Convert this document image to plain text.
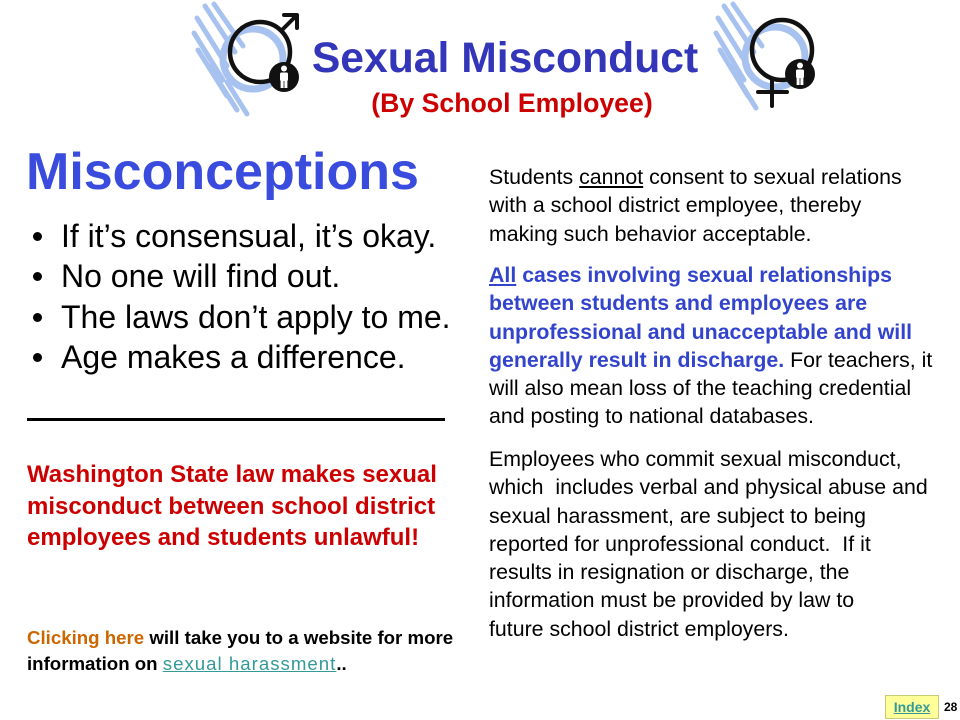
Sexual Misconduct
(By School Employee)
Misconceptions
If it’s consensual, it’s okay.
No one will find out.
The laws don’t apply to me.
Age makes a difference.

Washington State law makes sexual
misconduct between school district
employees and students unlawful!

Clicking here will take you to a website for more
information on sexual harassment..

Students cannot consent to sexual relations
with a school district employee, thereby
making such behavior acceptable.

All cases involving sexual relationships
between students and employees are
unprofessional and unacceptable and will
generally result in discharge. For teachers, it
will also mean loss of the teaching credential
and posting to national databases.

Employees who commit sexual misconduct,
which  includes verbal and physical abuse and
sexual harassment, are subject to being
reported for unprofessional conduct.  If it
results in resignation or discharge, the
information must be provided by law to
future school district employers.

Index	28
